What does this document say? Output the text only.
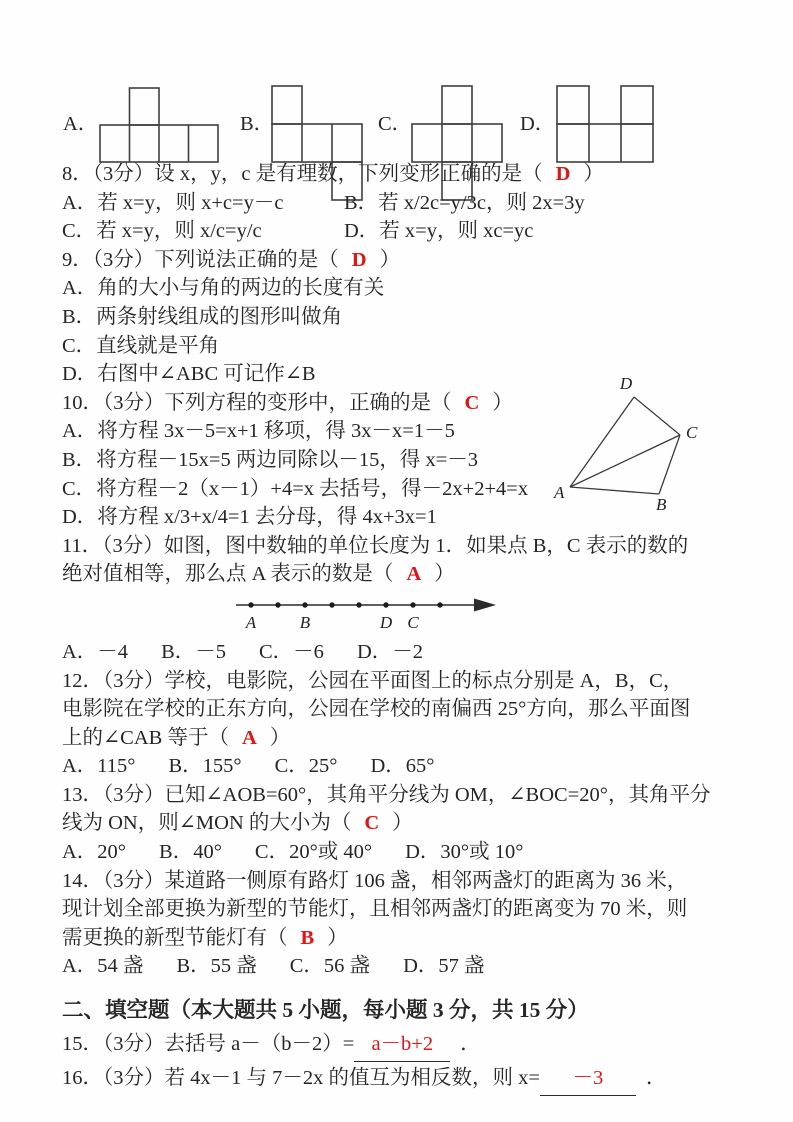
A．	B．	C．	D．
D
C
A
B
8．（3分）设 x，y，c 是有理数，下列变形正确的是（ D ）
A．若 x=y，则 x+c=y－c	B．若 x/2c=y/3c，则 2x=3y
C．若 x=y，则 x/c=y/c	D．若 x=y，则 xc=yc
9．（3分）下列说法正确的是（ D ）
A．角的大小与角的两边的长度有关
B．两条射线组成的图形叫做角
C．直线就是平角
D．右图中∠ABC 可记作∠B
10．（3分）下列方程的变形中，正确的是（ C ）
A．将方程 3x－5=x+1 移项，得 3x－x=1－5
B．将方程－15x=5 两边同除以－15，得 x=－3
C．将方程－2（x－1）+4=x 去括号，得－2x+2+4=x
D．将方程 x/3+x/4=1 去分母，得 4x+3x=1
11．（3分）如图，图中数轴的单位长度为 1．如果点 B，C 表示的数的
绝对值相等，那么点 A 表示的数是（ A ）
A	B	D C
A．－4 B．－5 C．－6 D．－2
12．（3分）学校，电影院，公园在平面图上的标点分别是 A，B，C，
电影院在学校的正东方向，公园在学校的南偏西 25°方向，那么平面图
上的∠CAB 等于（ A ）
A．115° B．155° C．25° D．65°
13．（3分）已知∠AOB=60°，其角平分线为 OM，∠BOC=20°，其角平分
线为 ON，则∠MON 的大小为（ C ）
A．20° B．40° C．20°或 40° D．30°或 10°
14．（3分）某道路一侧原有路灯 106 盏，相邻两盏灯的距离为 36 米，
现计划全部更换为新型的节能灯，且相邻两盏灯的距离变为 70 米，则
需更换的新型节能灯有（ B ）
A．54 盏 B．55 盏 C．56 盏 D．57 盏
二、填空题（本大题共 5 小题，每小题 3 分，共 15 分）
15．（3分）去括号 a－（b－2）= a－b+2 ．
16．（3分）若 4x－1 与 7－2x 的值互为相反数，则 x= －3 ．
